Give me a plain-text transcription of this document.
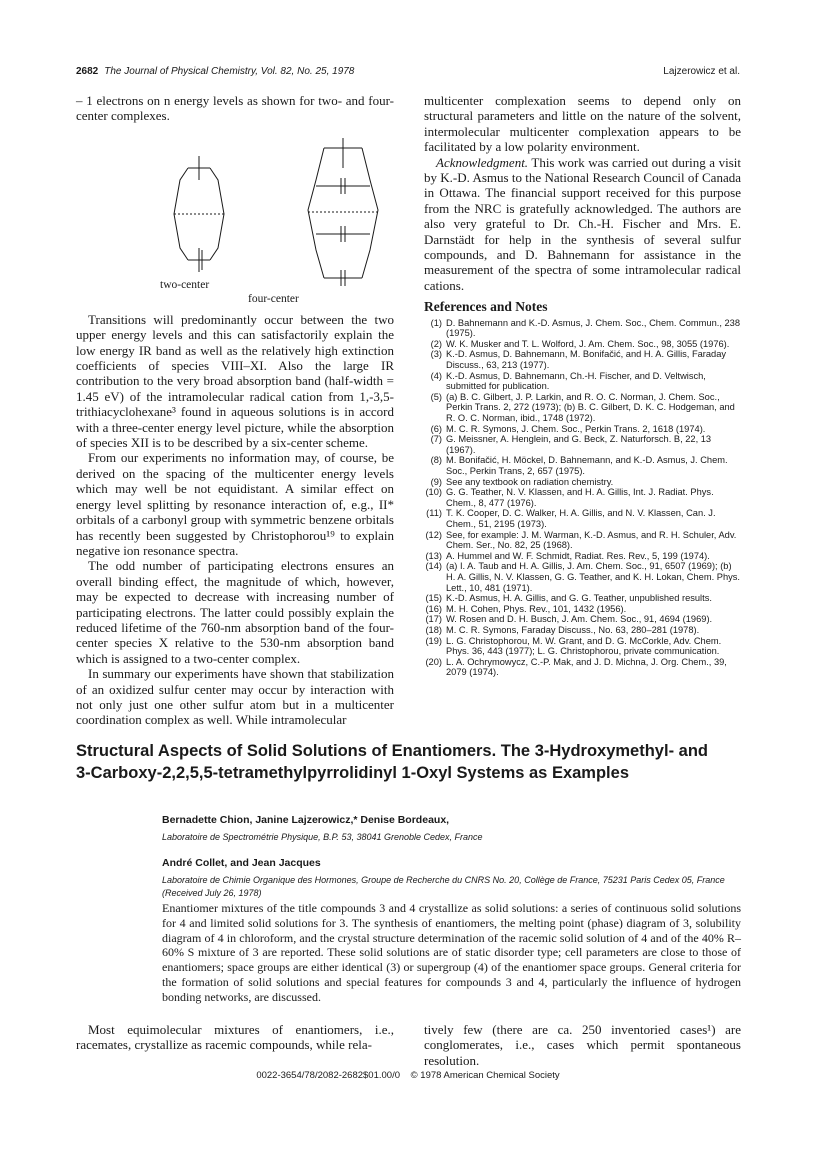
2682 The Journal of Physical Chemistry, Vol. 82, No. 25, 1978	Lajzerowicz et al.

– 1 electrons on n energy levels as shown for two- and four-center complexes.

two-center
four-center

Transitions will predominantly occur between the two upper energy levels and this can satisfactorily explain the low energy IR band as well as the relatively high extinction coefficients of species VIII–XI. Also the large IR contribution to the very broad absorption band (half-width = 1.45 eV) of the intramolecular radical cation from 1,-3,5-trithiacyclohexane³ found in aqueous solutions is in accord with a three-center energy level picture, while the absorption of species XII is to be described by a six-center scheme.

From our experiments no information may, of course, be derived on the spacing of the multicenter energy levels which may well be not equidistant. A similar effect on energy level splitting by resonance interaction of, e.g., II* orbitals of a carbonyl group with symmetric benzene orbitals has recently been suggested by Christophorou¹⁹ to explain negative ion resonance spectra.

The odd number of participating electrons ensures an overall binding effect, the magnitude of which, however, may be expected to decrease with increasing number of participating electrons. The latter could possibly explain the reduced lifetime of the 760-nm absorption band of the four-center species X relative to the 530-nm absorption band which is assigned to a two-center complex.

In summary our experiments have shown that stabilization of an oxidized sulfur center may occur by interaction with not only just one other sulfur atom but in a multicenter coordination complex as well. While intramolecular

multicenter complexation seems to depend only on structural parameters and little on the nature of the solvent, intermolecular multicenter complexation appears to be facilitated by a low polarity environment.

Acknowledgment. This work was carried out during a visit by K.-D. Asmus to the National Research Council of Canada in Ottawa. The financial support received for this purpose from the NRC is gratefully acknowledged. The authors are also very grateful to Dr. Ch.-H. Fischer and Mrs. E. Darnstädt for help in the synthesis of several sulfur compounds, and D. Bahnemann for assistance in the measurement of the spectra of some intramolecular radical cations.

References and Notes
(1) D. Bahnemann and K.-D. Asmus, J. Chem. Soc., Chem. Commun., 238 (1975).
(2) W. K. Musker and T. L. Wolford, J. Am. Chem. Soc., 98, 3055 (1976).
(3) K.-D. Asmus, D. Bahnemann, M. Bonifačić, and H. A. Gillis, Faraday Discuss., 63, 213 (1977).
(4) K.-D. Asmus, D. Bahnemann, Ch.-H. Fischer, and D. Veltwisch, submitted for publication.
(5) (a) B. C. Gilbert, J. P. Larkin, and R. O. C. Norman, J. Chem. Soc., Perkin Trans. 2, 272 (1973); (b) B. C. Gilbert, D. K. C. Hodgeman, and R. O. C. Norman, ibid., 1748 (1972).
(6) M. C. R. Symons, J. Chem. Soc., Perkin Trans. 2, 1618 (1974).
(7) G. Meissner, A. Henglein, and G. Beck, Z. Naturforsch. B, 22, 13 (1967).
(8) M. Bonifačić, H. Möckel, D. Bahnemann, and K.-D. Asmus, J. Chem. Soc., Perkin Trans, 2, 657 (1975).
(9) See any textbook on radiation chemistry.
(10) G. G. Teather, N. V. Klassen, and H. A. Gillis, Int. J. Radiat. Phys. Chem., 8, 477 (1976).
(11) T. K. Cooper, D. C. Walker, H. A. Gillis, and N. V. Klassen, Can. J. Chem., 51, 2195 (1973).
(12) See, for example: J. M. Warman, K.-D. Asmus, and R. H. Schuler, Adv. Chem. Ser., No. 82, 25 (1968).
(13) A. Hummel and W. F. Schmidt, Radiat. Res. Rev., 5, 199 (1974).
(14) (a) I. A. Taub and H. A. Gillis, J. Am. Chem. Soc., 91, 6507 (1969); (b) H. A. Gillis, N. V. Klassen, G. G. Teather, and K. H. Lokan, Chem. Phys. Lett., 10, 481 (1971).
(15) K.-D. Asmus, H. A. Gillis, and G. G. Teather, unpublished results.
(16) M. H. Cohen, Phys. Rev., 101, 1432 (1956).
(17) W. Rosen and D. H. Busch, J. Am. Chem. Soc., 91, 4694 (1969).
(18) M. C. R. Symons, Faraday Discuss., No. 63, 280–281 (1978).
(19) L. G. Christophorou, M. W. Grant, and D. G. McCorkle, Adv. Chem. Phys. 36, 443 (1977); L. G. Christophorou, private communication.
(20) L. A. Ochrymowycz, C.-P. Mak, and J. D. Michna, J. Org. Chem., 39, 2079 (1974).
Structural Aspects of Solid Solutions of Enantiomers. The 3-Hydroxymethyl- and
3-Carboxy-2,2,5,5-tetramethylpyrrolidinyl 1-Oxyl Systems as Examples
Bernadette Chion, Janine Lajzerowicz,* Denise Bordeaux,
Laboratoire de Spectrométrie Physique, B.P. 53, 38041 Grenoble Cedex, France
André Collet, and Jean Jacques
Laboratoire de Chimie Organique des Hormones, Groupe de Recherche du CNRS No. 20, Collège de France, 75231 Paris Cedex 05, France (Received July 26, 1978)
Enantiomer mixtures of the title compounds 3 and 4 crystallize as solid solutions: a series of continuous solid solutions for 4 and limited solid solutions for 3. The synthesis of enantiomers, the melting point (phase) diagram of 3, solubility diagram of 4 in chloroform, and the crystal structure determination of the racemic solid solution of 4 and of the 40% R–60% S mixture of 3 are reported. These solid solutions are of static disorder type; cell parameters are close to those of enantiomers; space groups are either identical (3) or supergroup (4) of the enantiomer space groups. General criteria for the formation of solid solutions and special features for compounds 3 and 4, particularly the influence of hydrogen bonding networks, are discussed.
Most equimolecular mixtures of enantiomers, i.e., racemates, crystallize as racemic compounds, while rela-
tively few (there are ca. 250 inventoried cases¹) are conglomerates, i.e., cases which permit spontaneous resolution.
0022-3654/78/2082-2682$01.00/0 © 1978 American Chemical Society
